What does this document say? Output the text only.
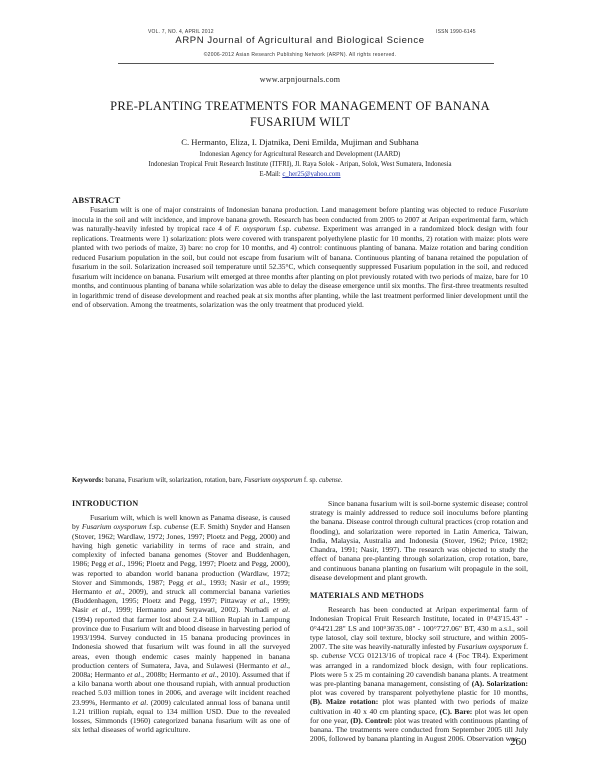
VOL. 7, NO. 4, APRIL 2012	ISSN 1990-6145
ARPN Journal of Agricultural and Biological Science
©2006-2012 Asian Research Publishing Network (ARPN). All rights reserved.
www.arpnjournals.com
PRE-PLANTING TREATMENTS FOR MANAGEMENT OF BANANA
FUSARIUM WILT
C. Hermanto, Eliza, I. Djatnika, Deni Emilda, Mujiman and Subhana
Indonesian Agency for Agricultural Research and Development (IAARD)
Indonesian Tropical Fruit Research Institute (ITFRI), Jl. Raya Solok - Aripan, Solok, West Sumatera, Indonesia
E-Mail: c_her25@yahoo.com
ABSTRACT

Fusarium wilt is one of major constraints of Indonesian banana production. Land management before planting was objected to reduce Fusarium inocula in the soil and wilt incidence, and improve banana growth. Research has been conducted from 2005 to 2007 at Aripan experimental farm, which was naturally-heavily infested by tropical race 4 of F. oxysporum f.sp. cubense. Experiment was arranged in a randomized block design with four replications. Treatments were 1) solarization: plots were covered with transparent polyethylene plastic for 10 months, 2) rotation with maize: plots were planted with two periods of maize, 3) bare: no crop for 10 months, and 4) control: continuous planting of banana. Maize rotation and baring condition reduced Fusarium population in the soil, but could not escape from fusarium wilt of banana. Continuous planting of banana retained the population of fusarium in the soil. Solarization increased soil temperature until 52.35°C, which consequently suppressed Fusarium population in the soil, and reduced fusarium wilt incidence on banana. Fusarium wilt emerged at three months after planting on plot previously rotated with two periods of maize, bare for 10 months, and continuous planting of banana while solarization was able to delay the disease emergence until six months. The first-three treatments resulted in logarithmic trend of disease development and reached peak at six months after planting, while the last treatment performed linier development until the end of observation. Among the treatments, solarization was the only treatment that produced yield.

Keywords: banana, Fusarium wilt, solarization, rotation, bare, Fusarium oxysporum f. sp. cubense.
INTRODUCTION

Fusarium wilt, which is well known as Panama disease, is caused by Fusarium oxysporum f.sp. cubense (E.F. Smith) Snyder and Hansen (Stover, 1962; Wardlaw, 1972; Jones, 1997; Ploetz and Pegg, 2000) and having high genetic variability in terms of race and strain, and complexity of infected banana genomes (Stover and Buddenhagen, 1986; Pegg et al., 1996; Ploetz and Pegg, 1997; Ploetz and Pegg, 2000), was reported to abandon world banana production (Wardlaw, 1972; Stover and Simmonds, 1987; Pegg et al., 1993; Nasir et al., 1999; Hermanto et al., 2009), and struck all commercial banana varieties (Buddenhagen, 1995; Ploetz and Pegg, 1997; Pittaway et al., 1999; Nasir et al., 1999; Hermanto and Setyawati, 2002). Nurhadi et al. (1994) reported that farmer lost about 2.4 billion Rupiah in Lampung province due to Fusarium wilt and blood disease in harvesting period of 1993/1994. Survey conducted in 15 banana producing provinces in Indonesia showed that fusarium wilt was found in all the surveyed areas, even though endemic cases mainly happened in banana production centers of Sumatera, Java, and Sulawesi (Hermanto et al., 2008a; Hermanto et al., 2008b; Hermanto et al., 2010). Assumed that if a kilo banana worth about one thousand rupiah, with annual production reached 5.03 million tones in 2006, and average wilt incident reached 23.99%, Hermanto et al. (2009) calculated annual loss of banana until 1.21 trillion rupiah, equal to 134 million USD. Due to the revealed losses, Simmonds (1960) categorized banana fusarium wilt as one of six lethal diseases of world agriculture.

Since banana fusarium wilt is soil-borne systemic disease; control strategy is mainly addressed to reduce soil inoculums before planting the banana. Disease control through cultural practices (crop rotation and flooding), and solarization were reported in Latin America, Taiwan, India, Malaysia, Australia and Indonesia (Stover, 1962; Price, 1982; Chandra, 1991; Nasir, 1997). The research was objected to study the effect of banana pre-planting through solarization, crop rotation, bare, and continuous banana planting on fusarium wilt propagule in the soil, disease development and plant growth.

MATERIALS AND METHODS

Research has been conducted at Aripan experimental farm of Indonesian Tropical Fruit Research Institute, located in 0°43'15.43" - 0°44'21.28" LS and 100°36'35.08" - 100°7'27.06" BT, 430 m a.s.l., soil type latosol, clay soil texture, blocky soil structure, and within 2005-2007. The site was heavily-naturally infested by Fusarium oxysporum f. sp. cubense VCG 01213/16 of tropical race 4 (Foc TR4). Experiment was arranged in a randomized block design, with four replications. Plots were 5 x 25 m containing 20 cavendish banana plants. A treatment was pre-planting banana management, consisting of (A). Solarization: plot was covered by transparent polyethylene plastic for 10 months, (B). Maize rotation: plot was planted with two periods of maize cultivation in 40 x 40 cm planting space, (C). Bare: plot was let open for one year, (D). Control: plot was treated with continuous planting of banana. The treatments were conducted from September 2005 till July 2006, followed by banana planting in August 2006. Observation was

260
